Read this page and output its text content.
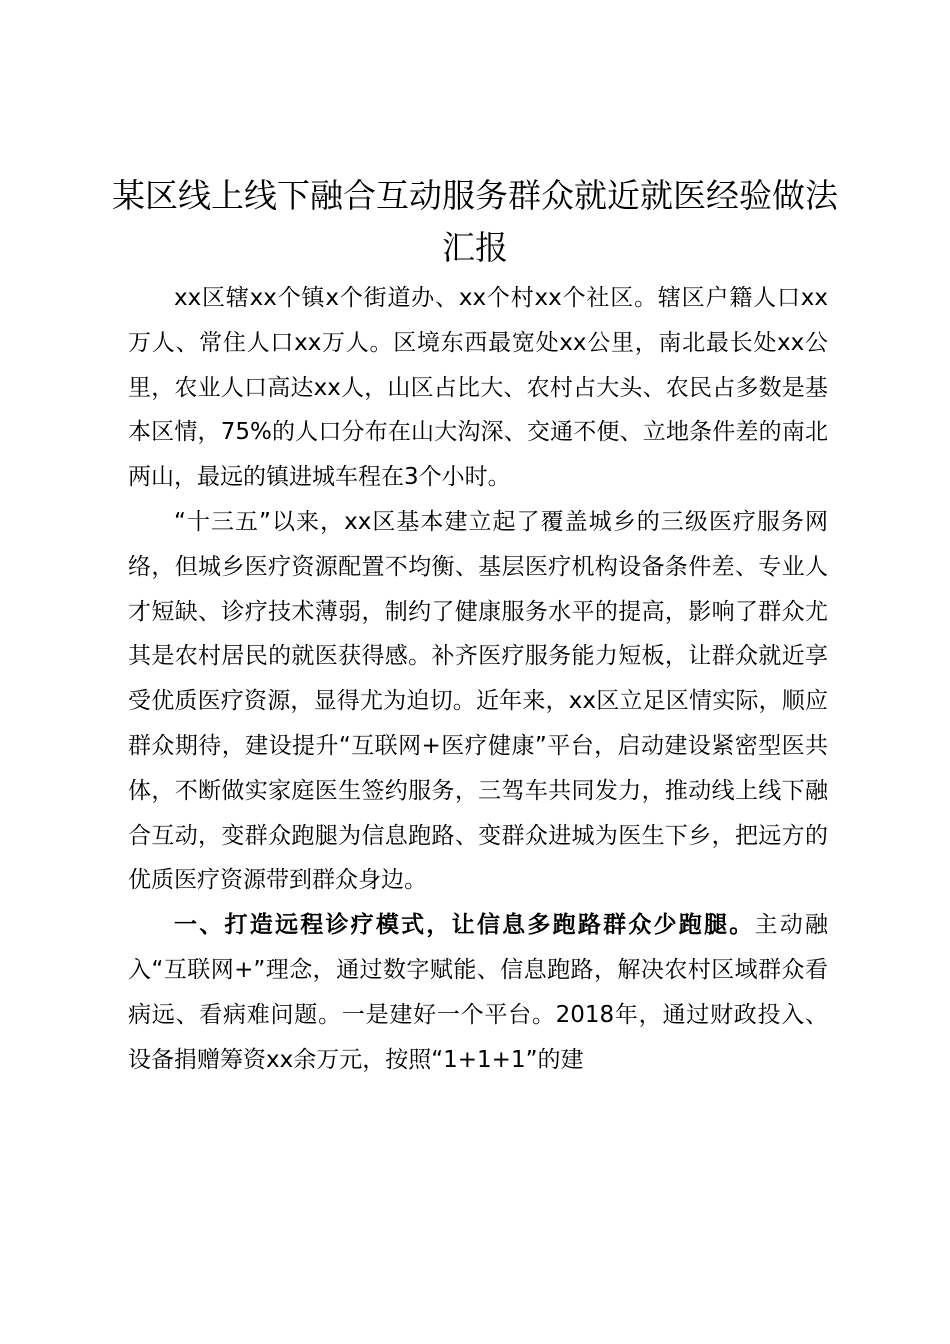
某区线上线下融合互动服务群众就近就医经验做法汇报

xx区辖xx个镇x个街道办、xx个村xx个社区。辖区户籍人口xx万人、常住人口xx万人。区境东西最宽处xx公里，南北最长处xx公里，农业人口高达xx人，山区占比大、农村占大头、农民占多数是基本区情，75%的人口分布在山大沟深、交通不便、立地条件差的南北两山，最远的镇进城车程在3个小时。

“十三五”以来，xx区基本建立起了覆盖城乡的三级医疗服务网络，但城乡医疗资源配置不均衡、基层医疗机构设备条件差、专业人才短缺、诊疗技术薄弱，制约了健康服务水平的提高，影响了群众尤其是农村居民的就医获得感。补齐医疗服务能力短板，让群众就近享受优质医疗资源，显得尤为迫切。近年来，xx区立足区情实际，顺应群众期待，建设提升“互联网+医疗健康”平台，启动建设紧密型医共体，不断做实家庭医生签约服务，三驾车共同发力，推动线上线下融合互动，变群众跑腿为信息跑路、变群众进城为医生下乡，把远方的优质医疗资源带到群众身边。

一、打造远程诊疗模式，让信息多跑路群众少跑腿。主动融入“互联网+”理念，通过数字赋能、信息跑路，解决农村区域群众看病远、看病难问题。一是建好一个平台。2018年，通过财政投入、设备捐赠筹资xx余万元，按照“1+1+1”的建
